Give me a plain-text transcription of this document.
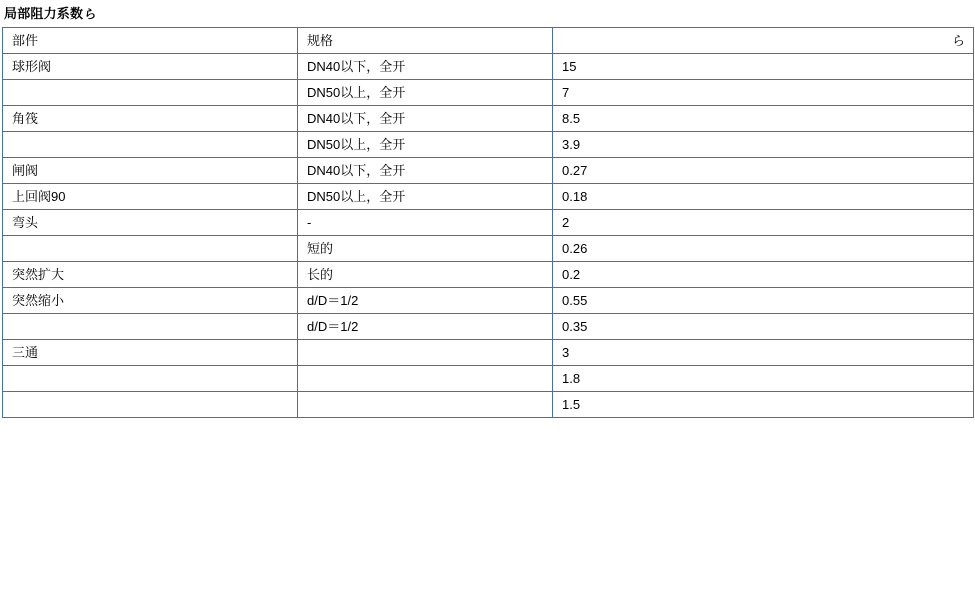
局部阻力系数ら
部件	规格	ら
球形阀	DN40以下，全开	15
	DN50以上，全开	7
角筏	DN40以下，全开	8.5
	DN50以上，全开	3.9
闸阀	DN40以下，全开	0.27
上回阀90	DN50以上，全开	0.18
弯头	-	2
	短的	0.26
突然扩大	长的	0.2
突然缩小	d/D＝1/2	0.55
	d/D＝1/2	0.35
三通		3
		1.8
		1.5
